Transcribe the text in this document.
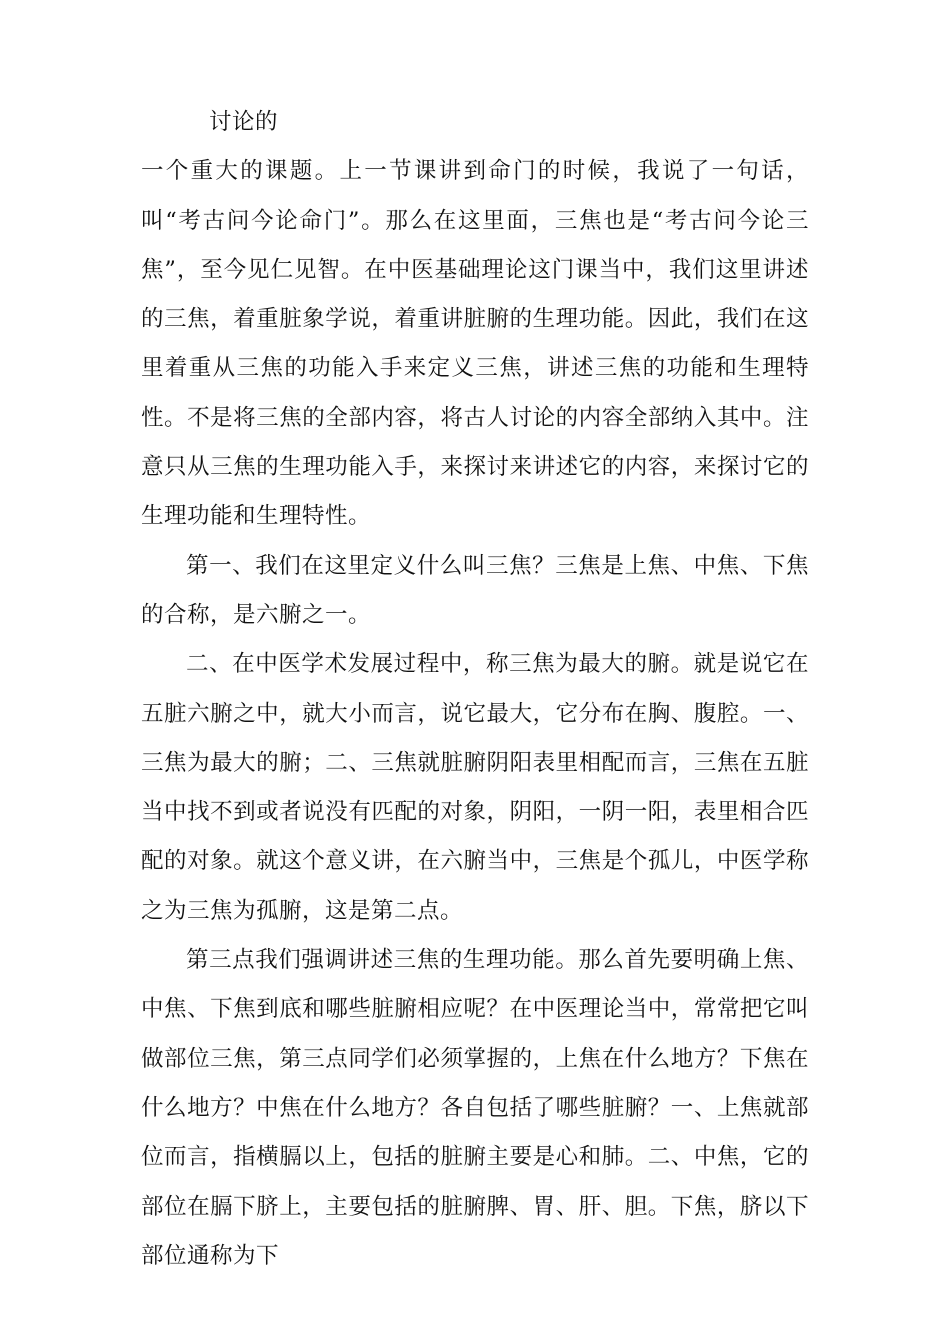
讨论的

一个重大的课题。上一节课讲到命门的时候，我说了一句话，叫“考古问今论命门”。那么在这里面，三焦也是“考古问今论三焦”，至今见仁见智。在中医基础理论这门课当中，我们这里讲述的三焦，着重脏象学说，着重讲脏腑的生理功能。因此，我们在这里着重从三焦的功能入手来定义三焦，讲述三焦的功能和生理特性。不是将三焦的全部内容，将古人讨论的内容全部纳入其中。注意只从三焦的生理功能入手，来探讨来讲述它的内容，来探讨它的生理功能和生理特性。

第一、我们在这里定义什么叫三焦？三焦是上焦、中焦、下焦的合称，是六腑之一。

二、在中医学术发展过程中，称三焦为最大的腑。就是说它在五脏六腑之中，就大小而言，说它最大，它分布在胸、腹腔。一、三焦为最大的腑；二、三焦就脏腑阴阳表里相配而言，三焦在五脏当中找不到或者说没有匹配的对象，阴阳，一阴一阳，表里相合匹配的对象。就这个意义讲，在六腑当中，三焦是个孤儿，中医学称之为三焦为孤腑，这是第二点。

第三点我们强调讲述三焦的生理功能。那么首先要明确上焦、中焦、下焦到底和哪些脏腑相应呢？在中医理论当中，常常把它叫做部位三焦，第三点同学们必须掌握的，上焦在什么地方？下焦在什么地方？中焦在什么地方？各自包括了哪些脏腑？一、上焦就部位而言，指横膈以上，包括的脏腑主要是心和肺。二、中焦，它的部位在膈下脐上，主要包括的脏腑脾、胃、肝、胆。下焦，脐以下部位通称为下
